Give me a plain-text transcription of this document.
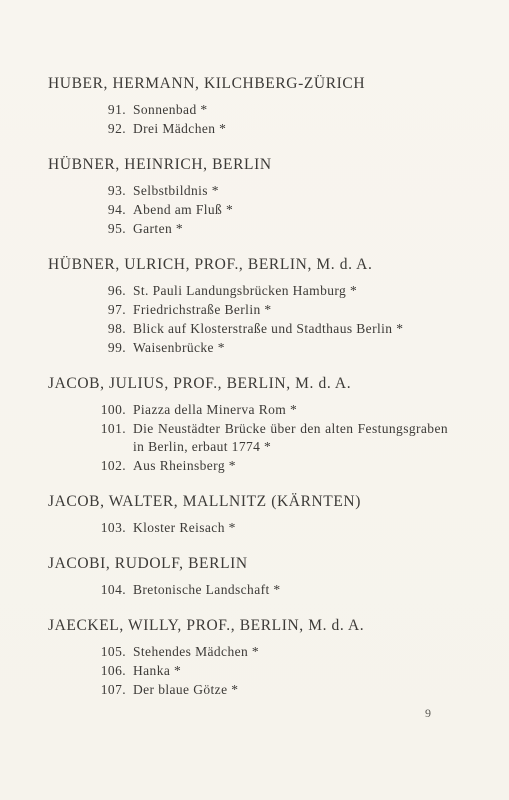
HUBER, HERMANN, KILCHBERG-ZÜRICH
91. Sonnenbad *
92. Drei Mädchen *
HÜBNER, HEINRICH, BERLIN
93. Selbstbildnis *
94. Abend am Fluß *
95. Garten *
HÜBNER, ULRICH, PROF., BERLIN, M. d. A.
96. St. Pauli Landungsbrücken Hamburg *
97. Friedrichstraße Berlin *
98. Blick auf Klosterstraße und Stadthaus Berlin *
99. Waisenbrücke *
JACOB, JULIUS, PROF., BERLIN, M. d. A.
100. Piazza della Minerva Rom *
101. Die Neustädter Brücke über den alten Festungsgraben in Berlin, erbaut 1774 *
102. Aus Rheinsberg *
JACOB, WALTER, MALLNITZ (KÄRNTEN)
103. Kloster Reisach *
JACOBI, RUDOLF, BERLIN
104. Bretonische Landschaft *
JAECKEL, WILLY, PROF., BERLIN, M. d. A.
105. Stehendes Mädchen *
106. Hanka *
107. Der blaue Götze *
9
